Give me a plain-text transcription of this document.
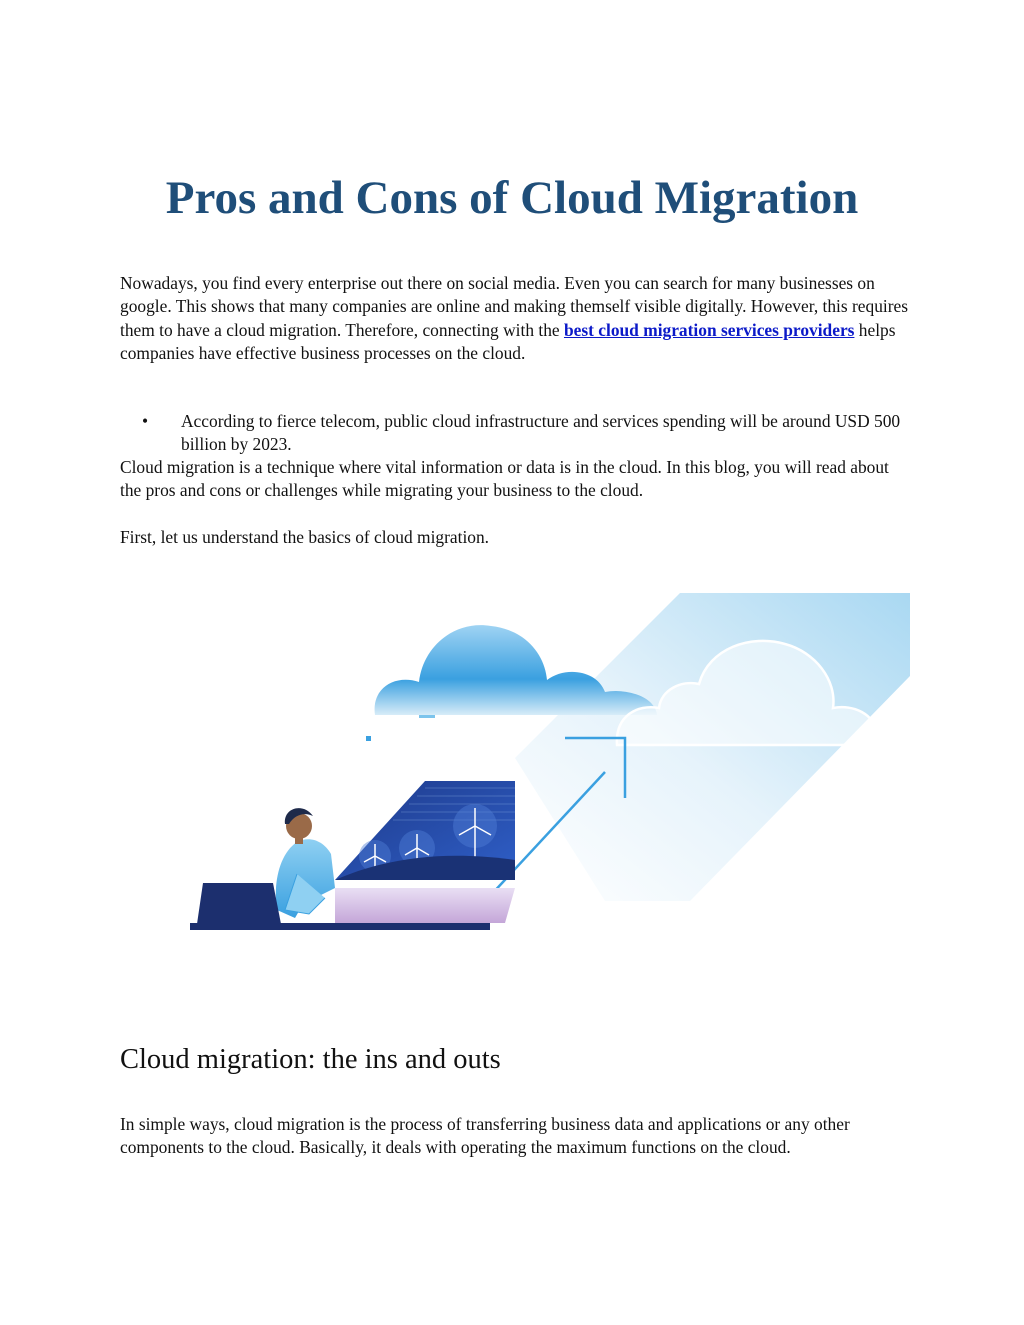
Pros and Cons of Cloud Migration

Nowadays, you find every enterprise out there on social media. Even you can search for many businesses on google. This shows that many companies are online and making themself visible digitally. However, this requires them to have a cloud migration. Therefore, connecting with the best cloud migration services providers helps companies have effective business processes on the cloud.

• According to fierce telecom, public cloud infrastructure and services spending will be around USD 500 billion by 2023.

Cloud migration is a technique where vital information or data is in the cloud. In this blog, you will read about the pros and cons or challenges while migrating your business to the cloud.

First, let us understand the basics of cloud migration.

Cloud migration: the ins and outs

In simple ways, cloud migration is the process of transferring business data and applications or any other components to the cloud. Basically, it deals with operating the maximum functions on the cloud.
